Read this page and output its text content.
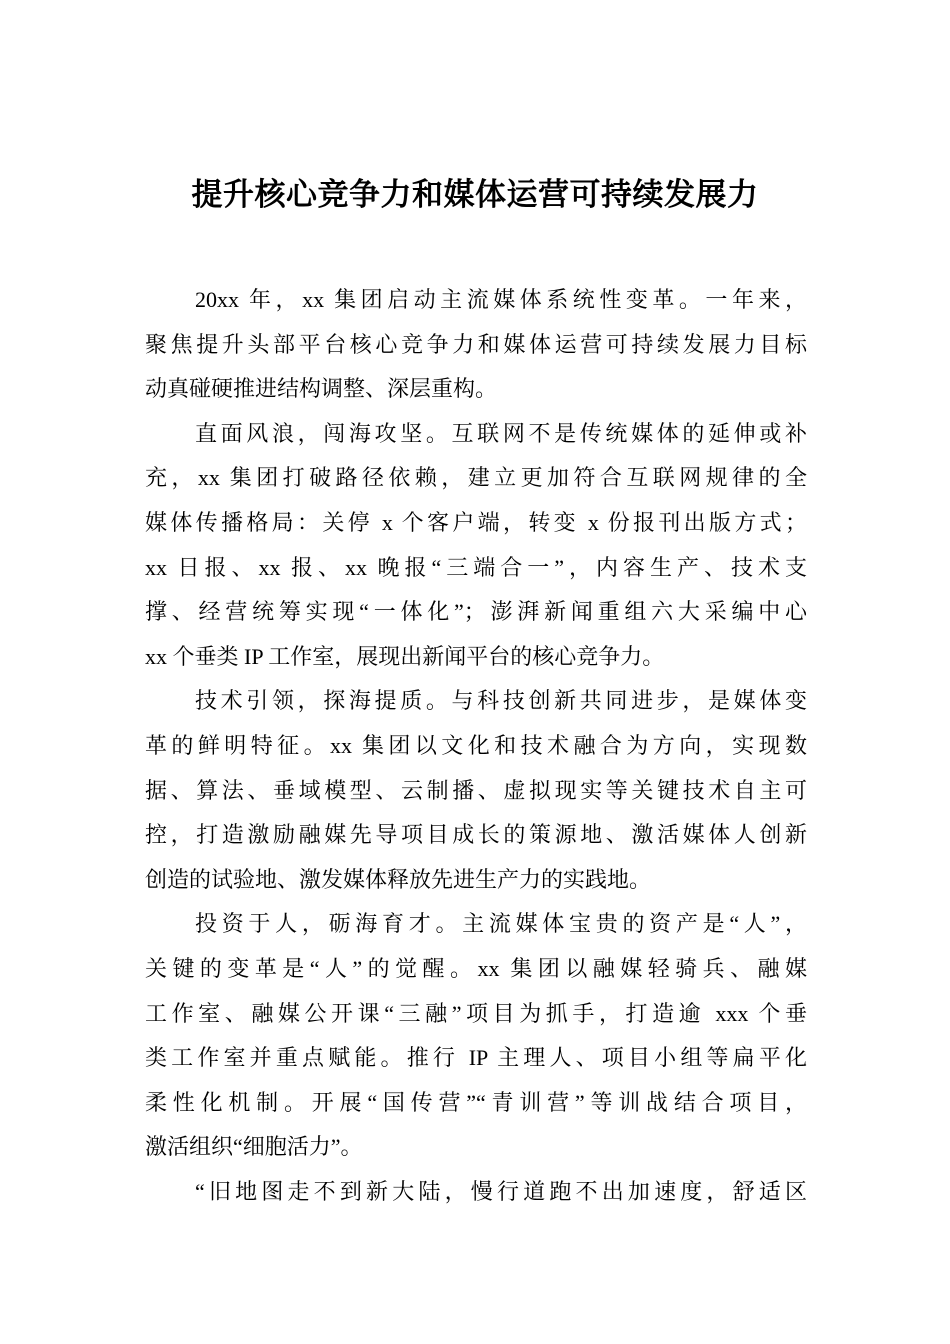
提升核心竞争力和媒体运营可持续发展力
20xx 年，xx 集团启动主流媒体系统性变革。一年来，
聚焦提升头部平台核心竞争力和媒体运营可持续发展力目标
动真碰硬推进结构调整、深层重构。
直面风浪，闯海攻坚。互联网不是传统媒体的延伸或补
充，xx 集团打破路径依赖，建立更加符合互联网规律的全
媒体传播格局：关停 x 个客户端，转变 x 份报刊出版方式；
xx 日报、xx 报、xx 晚报“三端合一”，内容生产、技术支
撑、经营统筹实现“一体化”；澎湃新闻重组六大采编中心
xx 个垂类 IP 工作室，展现出新闻平台的核心竞争力。
技术引领，探海提质。与科技创新共同进步，是媒体变
革的鲜明特征。xx 集团以文化和技术融合为方向，实现数
据、算法、垂域模型、云制播、虚拟现实等关键技术自主可
控，打造激励融媒先导项目成长的策源地、激活媒体人创新
创造的试验地、激发媒体释放先进生产力的实践地。
投资于人，砺海育才。主流媒体宝贵的资产是“人”，
关键的变革是“人”的觉醒。xx 集团以融媒轻骑兵、融媒
工作室、融媒公开课“三融”项目为抓手，打造逾 xxx 个垂
类工作室并重点赋能。推行 IP 主理人、项目小组等扁平化
柔性化机制。开展“国传营”“青训营”等训战结合项目，
激活组织“细胞活力”。
“旧地图走不到新大陆，慢行道跑不出加速度，舒适区
